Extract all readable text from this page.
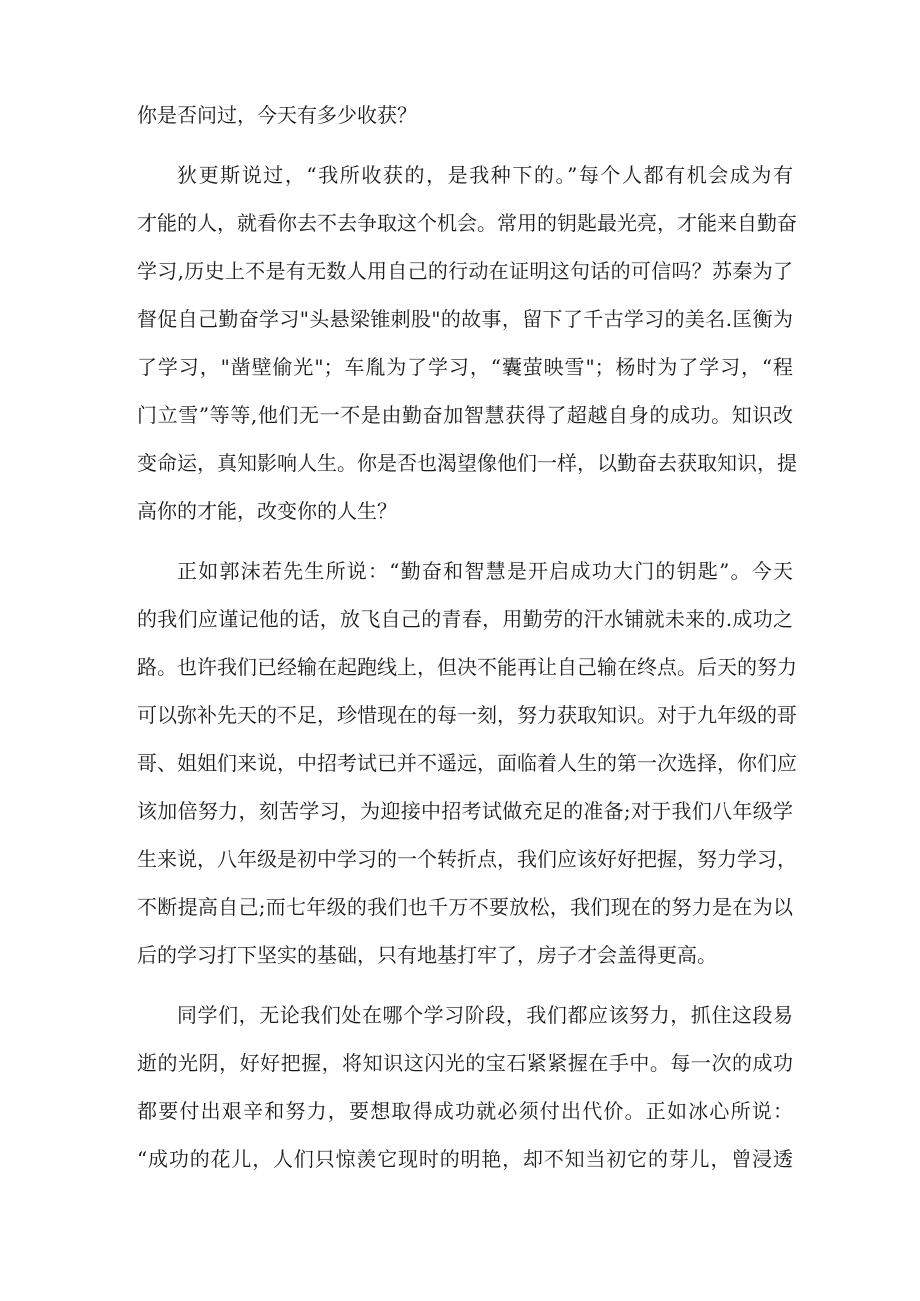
你是否问过，今天有多少收获？
狄更斯说过，“我所收获的，是我种下的。”每个人都有机会成为有
才能的人，就看你去不去争取这个机会。常用的钥匙最光亮，才能来自勤奋
学习,历史上不是有无数人用自己的行动在证明这句话的可信吗？苏秦为了
督促自己勤奋学习"头悬梁锥刺股"的故事，留下了千古学习的美名.匡衡为
了学习，"凿壁偷光"；车胤为了学习，“囊萤映雪"；杨时为了学习，“程
门立雪”等等,他们无一不是由勤奋加智慧获得了超越自身的成功。知识改
变命运，真知影响人生。你是否也渴望像他们一样，以勤奋去获取知识，提
高你的才能，改变你的人生？
正如郭沫若先生所说：“勤奋和智慧是开启成功大门的钥匙”。今天
的我们应谨记他的话，放飞自己的青春，用勤劳的汗水铺就未来的.成功之
路。也许我们已经输在起跑线上，但决不能再让自己输在终点。后天的努力
可以弥补先天的不足，珍惜现在的每一刻，努力获取知识。对于九年级的哥
哥、姐姐们来说，中招考试已并不遥远，面临着人生的第一次选择，你们应
该加倍努力，刻苦学习，为迎接中招考试做充足的准备;对于我们八年级学
生来说，八年级是初中学习的一个转折点，我们应该好好把握，努力学习，
不断提高自己;而七年级的我们也千万不要放松，我们现在的努力是在为以
后的学习打下坚实的基础，只有地基打牢了，房子才会盖得更高。
同学们，无论我们处在哪个学习阶段，我们都应该努力，抓住这段易
逝的光阴，好好把握，将知识这闪光的宝石紧紧握在手中。每一次的成功
都要付出艰辛和努力，要想取得成功就必须付出代价。正如冰心所说：
“成功的花儿，人们只惊羡它现时的明艳，却不知当初它的芽儿，曾浸透
